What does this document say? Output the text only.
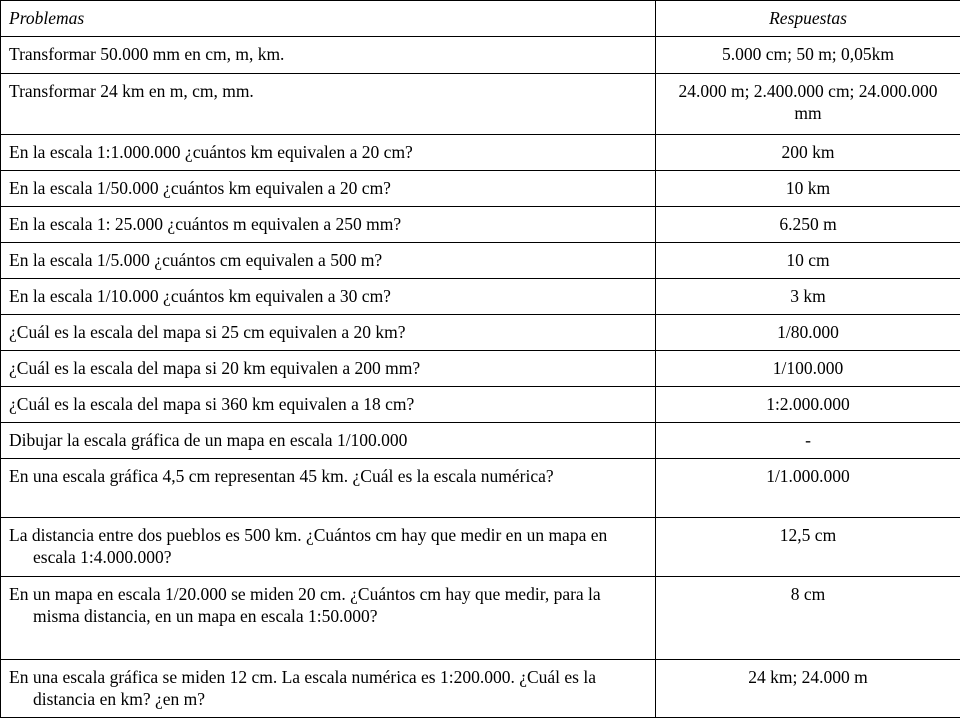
Problemas	Respuestas

Transformar 50.000 mm en cm, m, km.	5.000 cm; 50 m; 0,05km

Transformar 24 km en m, cm, mm.	24.000 m; 2.400.000 cm; 24.000.000 mm

En la escala 1:1.000.000 ¿cuántos km equivalen a 20 cm?	200 km

En la escala 1/50.000 ¿cuántos km equivalen a 20 cm?	10 km

En la escala 1: 25.000 ¿cuántos m equivalen a 250 mm?	6.250 m

En la escala 1/5.000 ¿cuántos cm equivalen a 500 m?	10 cm

En la escala 1/10.000 ¿cuántos km equivalen a 30 cm?	3 km

¿Cuál es la escala del mapa si 25 cm equivalen a 20 km?	1/80.000

¿Cuál es la escala del mapa si 20 km equivalen a 200 mm?	1/100.000

¿Cuál es la escala del mapa si 360 km equivalen a 18 cm?	1:2.000.000

Dibujar la escala gráfica de un mapa en escala 1/100.000	-

En una escala gráfica 4,5 cm representan 45 km. ¿Cuál es la escala numérica?	1/1.000.000

La distancia entre dos pueblos es 500 km. ¿Cuántos cm hay que medir en un mapa en escala 1:4.000.000?	12,5 cm

En un mapa en escala 1/20.000 se miden 20 cm. ¿Cuántos cm hay que medir, para la misma distancia, en un mapa en escala 1:50.000?	8 cm

En una escala gráfica se miden 12 cm. La escala numérica es 1:200.000. ¿Cuál es la distancia en km? ¿en m?	24 km; 24.000 m
